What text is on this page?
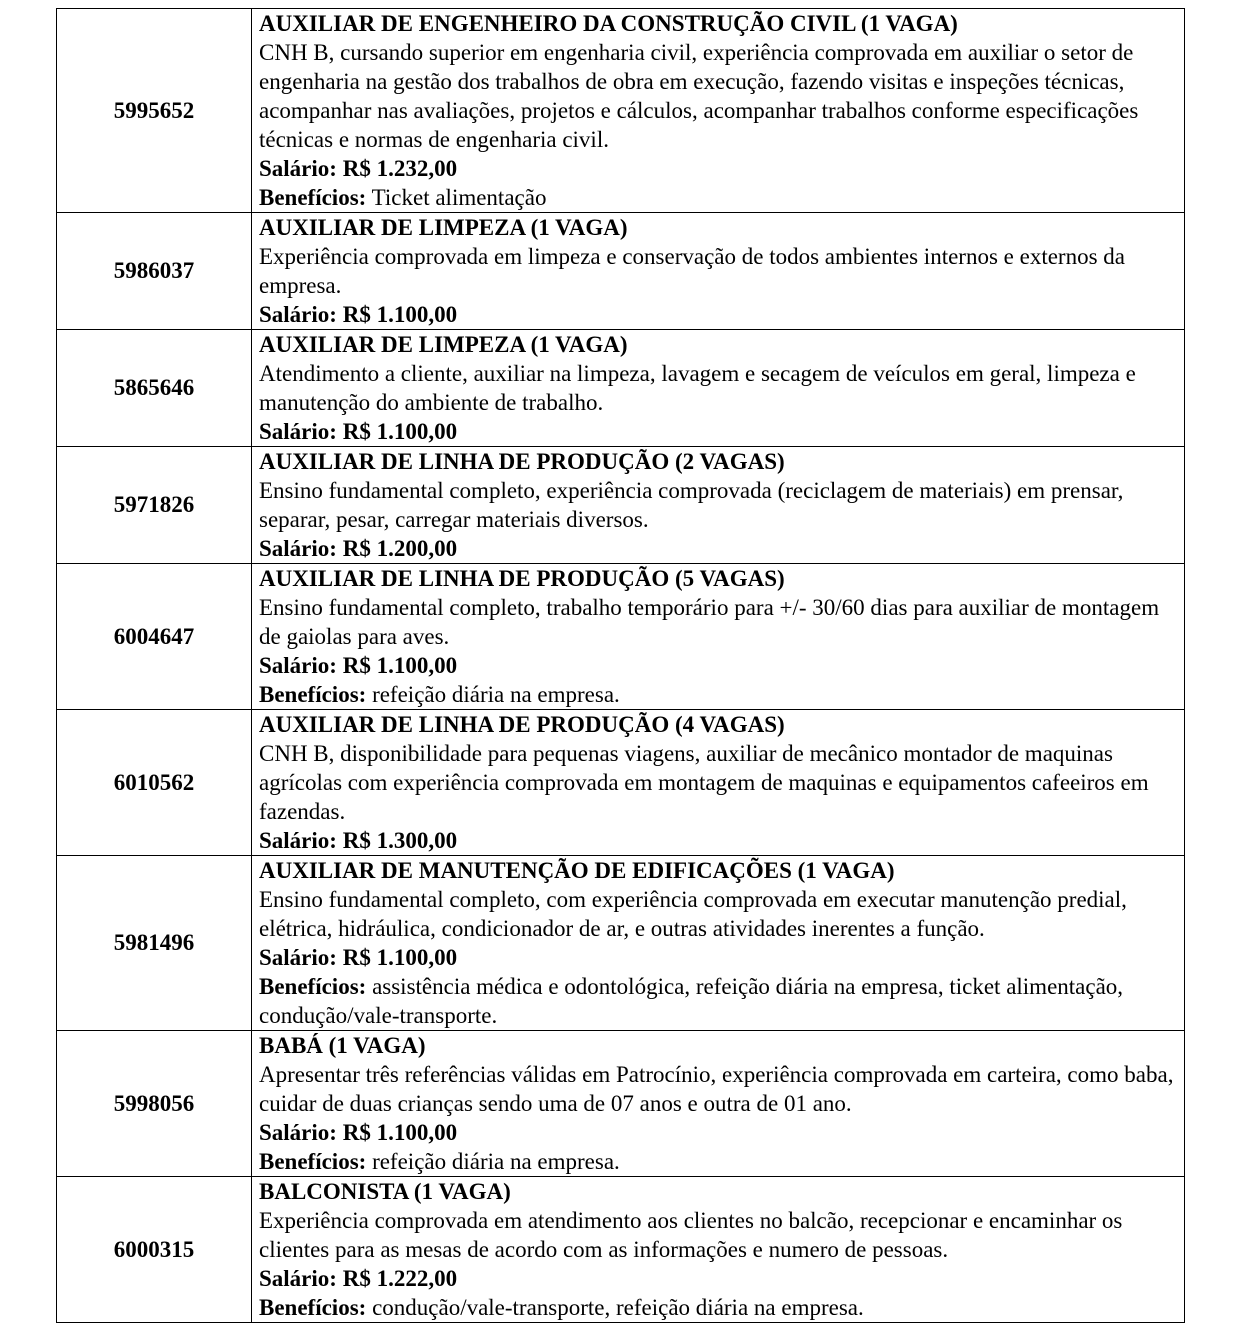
5995652	AUXILIAR DE ENGENHEIRO DA CONSTRUÇÃO CIVIL (1 VAGA)
CNH B, cursando superior em engenharia civil, experiência comprovada em auxiliar o setor de engenharia na gestão dos trabalhos de obra em execução, fazendo visitas e inspeções técnicas, acompanhar nas avaliações, projetos e cálculos, acompanhar trabalhos conforme especificações técnicas e normas de engenharia civil.
Salário: R$ 1.232,00
Benefícios: Ticket alimentação

5986037	AUXILIAR DE LIMPEZA (1 VAGA)
Experiência comprovada em limpeza e conservação de todos ambientes internos e externos da empresa.
Salário: R$ 1.100,00

5865646	AUXILIAR DE LIMPEZA (1 VAGA)
Atendimento a cliente, auxiliar na limpeza, lavagem e secagem de veículos em geral, limpeza e manutenção do ambiente de trabalho.
Salário: R$ 1.100,00

5971826	AUXILIAR DE LINHA DE PRODUÇÃO (2 VAGAS)
Ensino fundamental completo, experiência comprovada (reciclagem de materiais) em prensar, separar, pesar, carregar materiais diversos.
Salário: R$ 1.200,00

6004647	AUXILIAR DE LINHA DE PRODUÇÃO (5 VAGAS)
Ensino fundamental completo, trabalho temporário para +/- 30/60 dias para auxiliar de montagem de gaiolas para aves.
Salário: R$ 1.100,00
Benefícios: refeição diária na empresa.

6010562	AUXILIAR DE LINHA DE PRODUÇÃO (4 VAGAS)
CNH B, disponibilidade para pequenas viagens, auxiliar de mecânico montador de maquinas agrícolas com experiência comprovada em montagem de maquinas e equipamentos cafeeiros em fazendas.
Salário: R$ 1.300,00

5981496	AUXILIAR DE MANUTENÇÃO DE EDIFICAÇÕES (1 VAGA)
Ensino fundamental completo, com experiência comprovada em executar manutenção predial, elétrica, hidráulica, condicionador de ar, e outras atividades inerentes a função.
Salário: R$ 1.100,00
Benefícios: assistência médica e odontológica, refeição diária na empresa, ticket alimentação, condução/vale-transporte.

5998056	BABÁ (1 VAGA)
Apresentar três referências válidas em Patrocínio, experiência comprovada em carteira, como baba, cuidar de duas crianças sendo uma de 07 anos e outra de 01 ano.
Salário: R$ 1.100,00
Benefícios: refeição diária na empresa.

6000315	BALCONISTA (1 VAGA)
Experiência comprovada em atendimento aos clientes no balcão, recepcionar e encaminhar os clientes para as mesas de acordo com as informações e numero de pessoas.
Salário: R$ 1.222,00
Benefícios: condução/vale-transporte, refeição diária na empresa.
